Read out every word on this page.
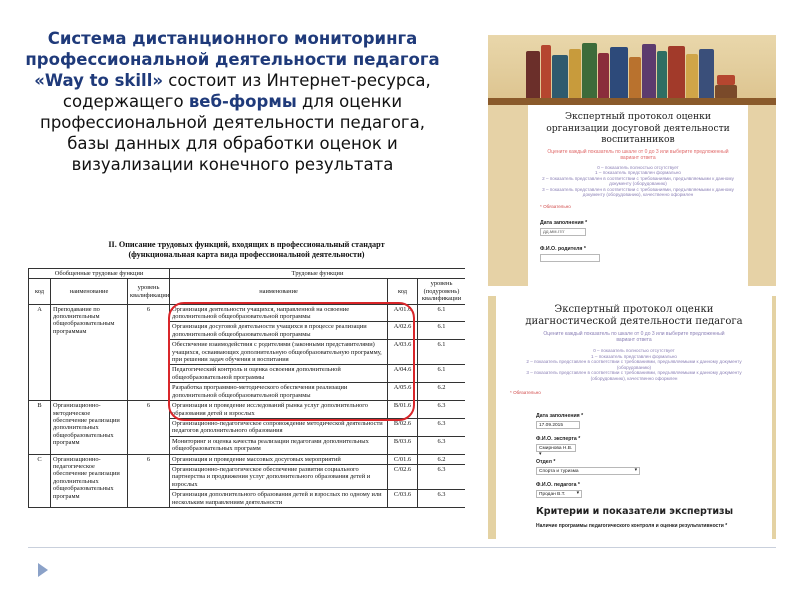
Система дистанционного мониторинга профессиональной деятельности педагога «Way to skill» состоит из Интернет-ресурса, содержащего веб-формы для оценки профессиональной деятельности педагога, базы данных для обработки оценок и визуализации конечного результата
II. Описание трудовых функций, входящих в профессиональный стандарт
(функциональная карта вида профессиональной деятельности)
Обобщенные трудовые функции			Трудовые функции		
код	наименование	уровень квалификации	наименование	код	уровень (подуровень) квалификации
A	Преподавание по дополнительным общеобразовательным программам	6	Организация деятельности учащихся, направленной на освоение дополнительной общеобразовательной программы	A/01.6	6.1
			Организация досуговой деятельности учащихся в процессе реализации дополнительной общеобразовательной программы	A/02.6	6.1
			Обеспечение взаимодействия с родителями (законными представителями) учащихся, осваивающих дополнительную общеобразовательную программу, при решении задач обучения и воспитания	A/03.6	6.1
			Педагогический контроль и оценка освоения дополнительной общеобразовательной программы	A/04.6	6.1
			Разработка программно-методического обеспечения реализации дополнительной общеобразовательной программы	A/05.6	6.2
B	Организационно-методическое обеспечение реализации дополнительных общеобразовательных программ	6	Организация и проведение исследований рынка услуг дополнительного образования детей и взрослых	B/01.6	6.3
			Организационно-педагогическое сопровождение методической деятельности педагогов дополнительного образования	B/02.6	6.3
			Мониторинг и оценка качества реализации педагогами дополнительных общеобразовательных программ	B/03.6	6.3
C	Организационно-педагогическое обеспечение реализации дополнительных общеобразовательных программ	6	Организация и проведение массовых досуговых мероприятий	C/01.6	6.2
			Организационно-педагогическое обеспечение развития социального партнерства и продвижения услуг дополнительного образования детей и взрослых	C/02.6	6.3
			Организация дополнительного образования детей и взрослых по одному или нескольким направлениям деятельности	C/03.6	6.3
Экспертный протокол оценки организации досуговой деятельности воспитанников
Оцените каждый показатель по шкале от 0 до 3 или выберите предложенный вариант ответа
0 – показатель полностью отсутствует
1 – показатель представлен формально
2 – показатель представлен в соответствии с требованиями, предъявляемыми к данному документу (оборудованию)
3 – показатель представлен в соответствии с требованиями, предъявляемыми к данному документу (оборудованию), качественно оформлен
* Обязательно
Дата заполнения *
дд.мм.гггг
Ф.И.О. родителя *
Экспертный протокол оценки диагностической деятельности педагога
Оцените каждый показатель по шкале от 0 до 3 или выберите предложенный вариант ответа
0 – показатель полностью отсутствует
1 – показатель представлен формально
2 – показатель представлен в соответствии с требованиями, предъявляемыми к данному документу (оборудованию)
3 – показатель представлен в соответствии с требованиями, предъявляемыми к данному документу (оборудованию), качественно оформлен
* Обязательно
Дата заполнения *
17.09.2015
Ф.И.О. эксперта *
Смирнова Н.В. ▾
Отдел *
Спорта и туризма	▾
Ф.И.О. педагога *
Продан В.Т. ▾
Критерии и показатели экспертизы
Наличие программы педагогического контроля и оценки результативности *
